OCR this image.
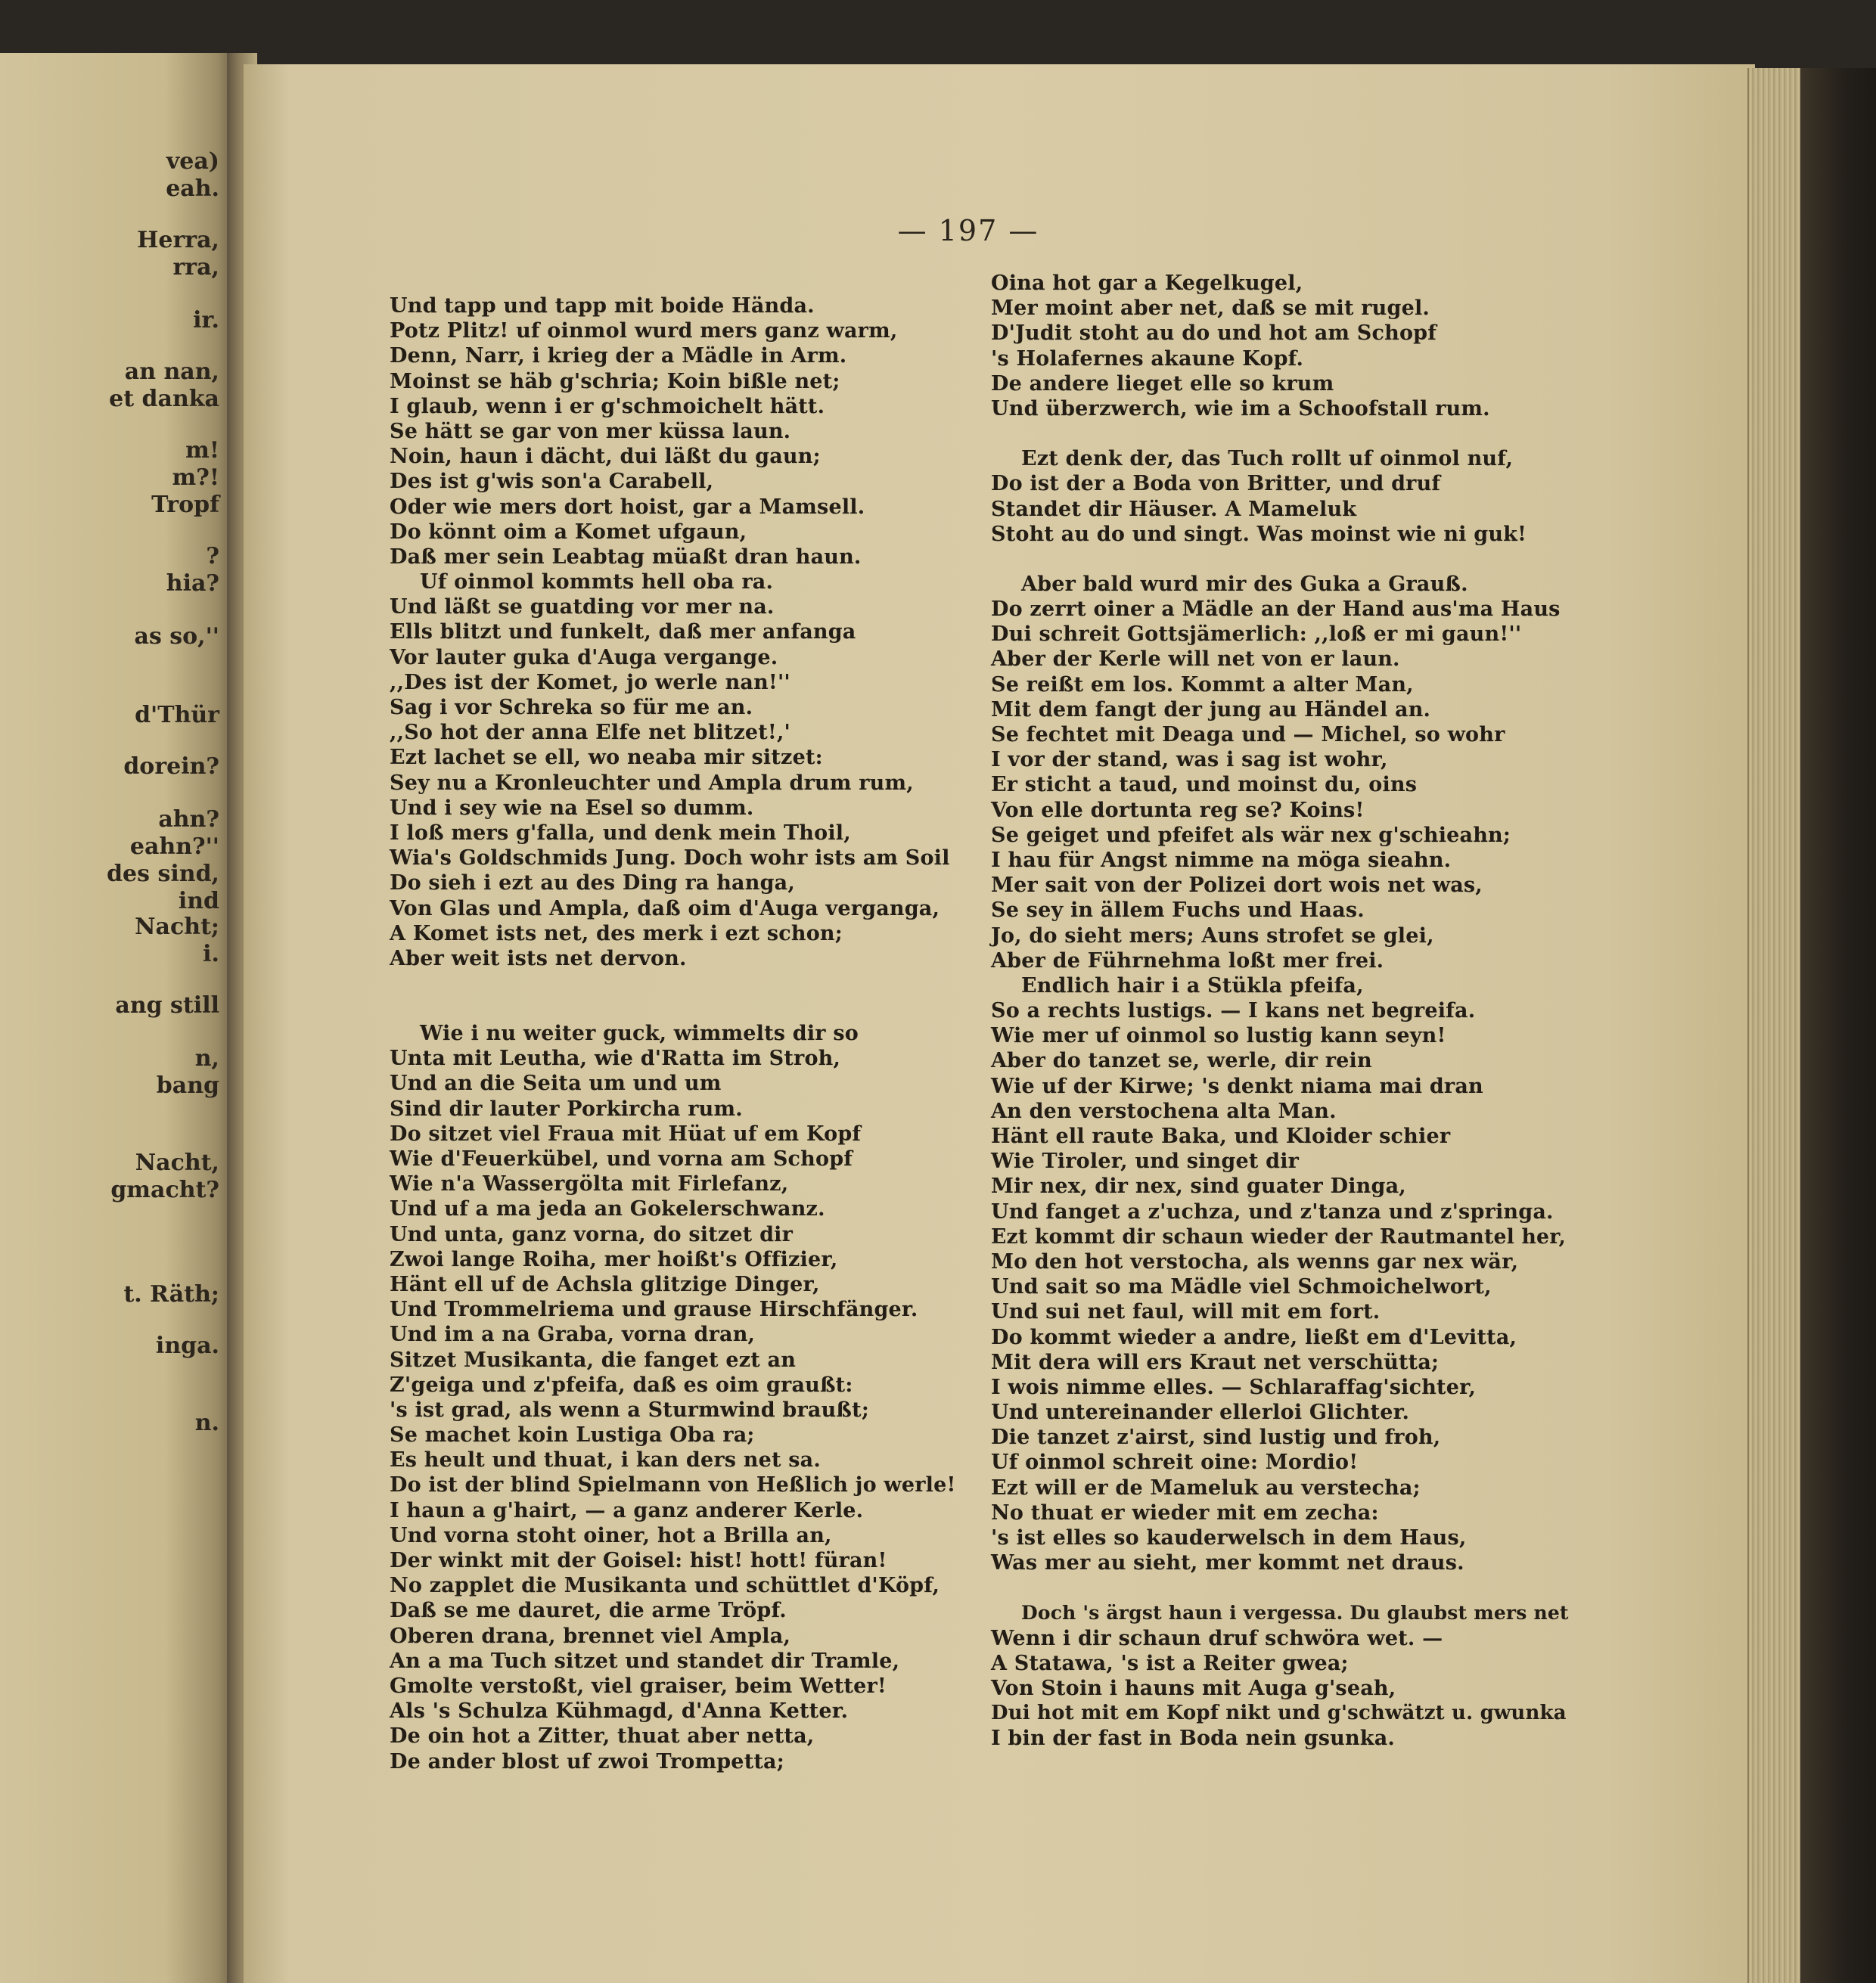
vea)
eah.
Herra,
rra,
ir.
an nan,
et danka
m!
m?!
Tropf
?
hia?
as so,''
d'Thür
dorein?
ahn?
eahn?''
des sind,
ind
Nacht;
i.
ang still
n,
bang
Nacht,
gmacht?
t. Räth;
inga.
n.
— 197 —
Und tapp und tapp mit boide Hända.
Potz Plitz! uf oinmol wurd mers ganz warm,
Denn, Narr, i krieg der a Mädle in Arm.
Moinst se häb g'schria; Koin bißle net;
I glaub, wenn i er g'schmoichelt hätt.
Se hätt se gar von mer küssa laun.
Noin, haun i dächt, dui läßt du gaun;
Des ist g'wis son'a Carabell,
Oder wie mers dort hoist, gar a Mamsell.
Do könnt oim a Komet ufgaun,
Daß mer sein Leabtag müaßt dran haun.
Uf oinmol kommts hell oba ra.
Und läßt se guatding vor mer na.
Ells blitzt und funkelt, daß mer anfanga
Vor lauter guka d'Auga vergange.
,,Des ist der Komet, jo werle nan!''
Sag i vor Schreka so für me an.
,,So hot der anna Elfe net blitzet!,'
Ezt lachet se ell, wo neaba mir sitzet:
Sey nu a Kronleuchter und Ampla drum rum,
Und i sey wie na Esel so dumm.
I loß mers g'falla, und denk mein Thoil,
Wia's Goldschmids Jung. Doch wohr ists am Soil
Do sieh i ezt au des Ding ra hanga,
Von Glas und Ampla, daß oim d'Auga verganga,
A Komet ists net, des merk i ezt schon;
Aber weit ists net dervon.
Wie i nu weiter guck, wimmelts dir so
Unta mit Leutha, wie d'Ratta im Stroh,
Und an die Seita um und um
Sind dir lauter Porkircha rum.
Do sitzet viel Fraua mit Hüat uf em Kopf
Wie d'Feuerkübel, und vorna am Schopf
Wie n'a Wassergölta mit Firlefanz,
Und uf a ma jeda an Gokelerschwanz.
Und unta, ganz vorna, do sitzet dir
Zwoi lange Roiha, mer hoißt's Offizier,
Hänt ell uf de Achsla glitzige Dinger,
Und Trommelriema und grause Hirschfänger.
Und im a na Graba, vorna dran,
Sitzet Musikanta, die fanget ezt an
Z'geiga und z'pfeifa, daß es oim graußt:
's ist grad, als wenn a Sturmwind braußt;
Se machet koin Lustiga Oba ra;
Es heult und thuat, i kan ders net sa.
Do ist der blind Spielmann von Heßlich jo werle!
I haun a g'hairt, — a ganz anderer Kerle.
Und vorna stoht oiner, hot a Brilla an,
Der winkt mit der Goisel: hist! hott! füran!
No zapplet die Musikanta und schüttlet d'Köpf,
Daß se me dauret, die arme Tröpf.
Oberen drana, brennet viel Ampla,
An a ma Tuch sitzet und standet dir Tramle,
Gmolte verstoßt, viel graiser, beim Wetter!
Als 's Schulza Kühmagd, d'Anna Ketter.
De oin hot a Zitter, thuat aber netta,
De ander blost uf zwoi Trompetta;
Oina hot gar a Kegelkugel,
Mer moint aber net, daß se mit rugel.
D'Judit stoht au do und hot am Schopf
's Holafernes akaune Kopf.
De andere lieget elle so krum
Und überzwerch, wie im a Schoofstall rum.
Ezt denk der, das Tuch rollt uf oinmol nuf,
Do ist der a Boda von Britter, und druf
Standet dir Häuser. A Mameluk
Stoht au do und singt. Was moinst wie ni guk!
Aber bald wurd mir des Guka a Grauß.
Do zerrt oiner a Mädle an der Hand aus'ma Haus
Dui schreit Gottsjämerlich: ,,loß er mi gaun!''
Aber der Kerle will net von er laun.
Se reißt em los. Kommt a alter Man,
Mit dem fangt der jung au Händel an.
Se fechtet mit Deaga und — Michel, so wohr
I vor der stand, was i sag ist wohr,
Er sticht a taud, und moinst du, oins
Von elle dortunta reg se? Koins!
Se geiget und pfeifet als wär nex g'schieahn;
I hau für Angst nimme na möga sieahn.
Mer sait von der Polizei dort wois net was,
Se sey in ällem Fuchs und Haas.
Jo, do sieht mers; Auns strofet se glei,
Aber de Führnehma loßt mer frei.
Endlich hair i a Stükla pfeifa,
So a rechts lustigs. — I kans net begreifa.
Wie mer uf oinmol so lustig kann seyn!
Aber do tanzet se, werle, dir rein
Wie uf der Kirwe; 's denkt niama mai dran
An den verstochena alta Man.
Hänt ell raute Baka, und Kloider schier
Wie Tiroler, und singet dir
Mir nex, dir nex, sind guater Dinga,
Und fanget a z'uchza, und z'tanza und z'springa.
Ezt kommt dir schaun wieder der Rautmantel her,
Mo den hot verstocha, als wenns gar nex wär,
Und sait so ma Mädle viel Schmoichelwort,
Und sui net faul, will mit em fort.
Do kommt wieder a andre, ließt em d'Levitta,
Mit dera will ers Kraut net verschütta;
I wois nimme elles. — Schlaraffag'sichter,
Und untereinander ellerloi Glichter.
Die tanzet z'airst, sind lustig und froh,
Uf oinmol schreit oine: Mordio!
Ezt will er de Mameluk au verstecha;
No thuat er wieder mit em zecha:
's ist elles so kauderwelsch in dem Haus,
Was mer au sieht, mer kommt net draus.
Doch 's ärgst haun i vergessa. Du glaubst mers net
Wenn i dir schaun druf schwöra wet. —
A Statawa, 's ist a Reiter gwea;
Von Stoin i hauns mit Auga g'seah,
Dui hot mit em Kopf nikt und g'schwätzt u. gwunka
I bin der fast in Boda nein gsunka.
